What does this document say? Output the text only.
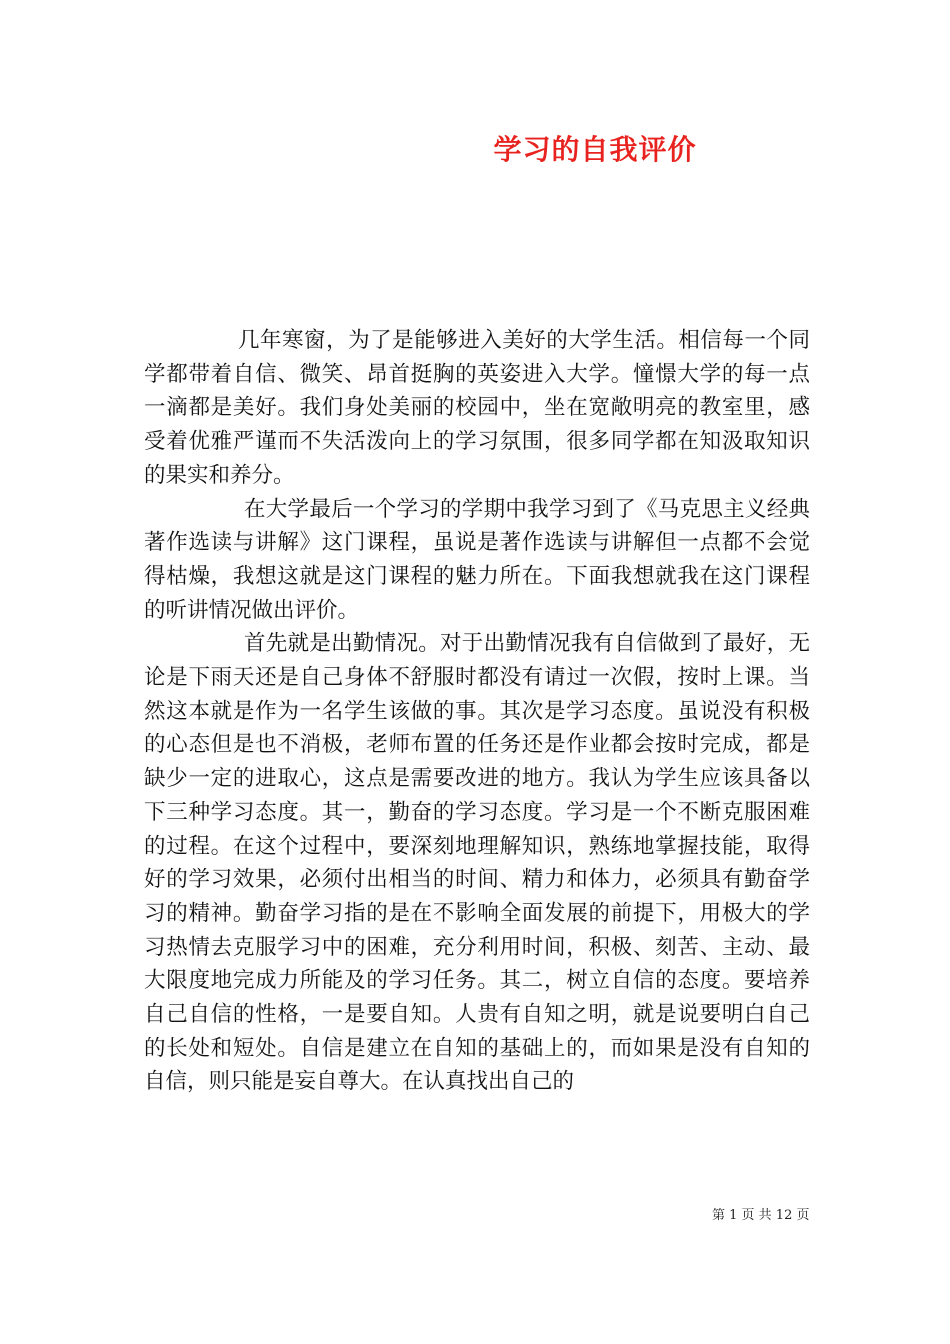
学习的自我评价

几年寒窗，为了是能够进入美好的大学生活。相信每一个同学都带着自信、微笑、昂首挺胸的英姿进入大学。憧憬大学的每一点一滴都是美好。我们身处美丽的校园中，坐在宽敞明亮的教室里，感受着优雅严谨而不失活泼向上的学习氛围，很多同学都在知汲取知识的果实和养分。

在大学最后一个学习的学期中我学习到了《马克思主义经典著作选读与讲解》这门课程，虽说是著作选读与讲解但一点都不会觉得枯燥，我想这就是这门课程的魅力所在。下面我想就我在这门课程的听讲情况做出评价。

首先就是出勤情况。对于出勤情况我有自信做到了最好，无论是下雨天还是自己身体不舒服时都没有请过一次假，按时上课。当然这本就是作为一名学生该做的事。其次是学习态度。虽说没有积极的心态但是也不消极，老师布置的任务还是作业都会按时完成，都是缺少一定的进取心，这点是需要改进的地方。我认为学生应该具备以下三种学习态度。其一，勤奋的学习态度。学习是一个不断克服困难的过程。在这个过程中，要深刻地理解知识，熟练地掌握技能，取得好的学习效果，必须付出相当的时间、精力和体力，必须具有勤奋学习的精神。勤奋学习指的是在不影响全面发展的前提下，用极大的学习热情去克服学习中的困难，充分利用时间，积极、刻苦、主动、最大限度地完成力所能及的学习任务。其二，树立自信的态度。要培养自己自信的性格，一是要自知。人贵有自知之明，就是说要明白自己的长处和短处。自信是建立在自知的基础上的，而如果是没有自知的自信，则只能是妄自尊大。在认真找出自己的

第 1 页 共 12 页
